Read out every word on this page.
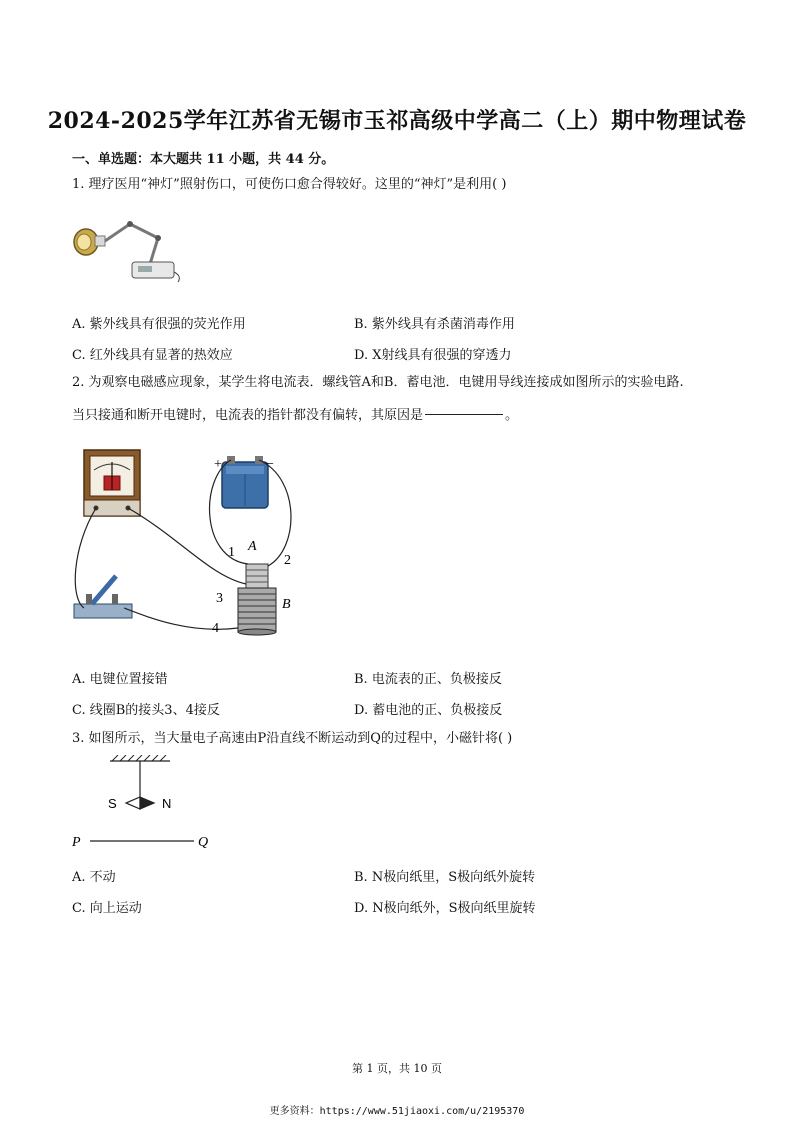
2024-2025学年江苏省无锡市玉祁高级中学高二（上）期中物理试卷
一、单选题：本大题共 11 小题，共 44 分。
1. 理疗医用“神灯”照射伤口，可使伤口愈合得较好。这里的“神灯”是利用( )
A. 紫外线具有很强的荧光作用	B. 紫外线具有杀菌消毒作用
C. 红外线具有显著的热效应	D. X射线具有很强的穿透力
2. 为观察电磁感应现象，某学生将电流表．螺线管A和B．蓄电池．电键用导线连接成如图所示的实验电路.
当只接通和断开电键时，电流表的指针都没有偏转，其原因是	。
+	−
1 A
2
3	B
4
A. 电键位置接错	B. 电流表的正、负极接反
C. 线圈B的接头3、4接反	D. 蓄电池的正、负极接反
3. 如图所示，当大量电子高速由P沿直线不断运动到Q的过程中，小磁针将( )
S	N
P	Q
A. 不动	B. N极向纸里，S极向纸外旋转
C. 向上运动	D. N极向纸外，S极向纸里旋转
第 1 页，共 10 页
更多资料：https://www.51jiaoxi.com/u/2195370
